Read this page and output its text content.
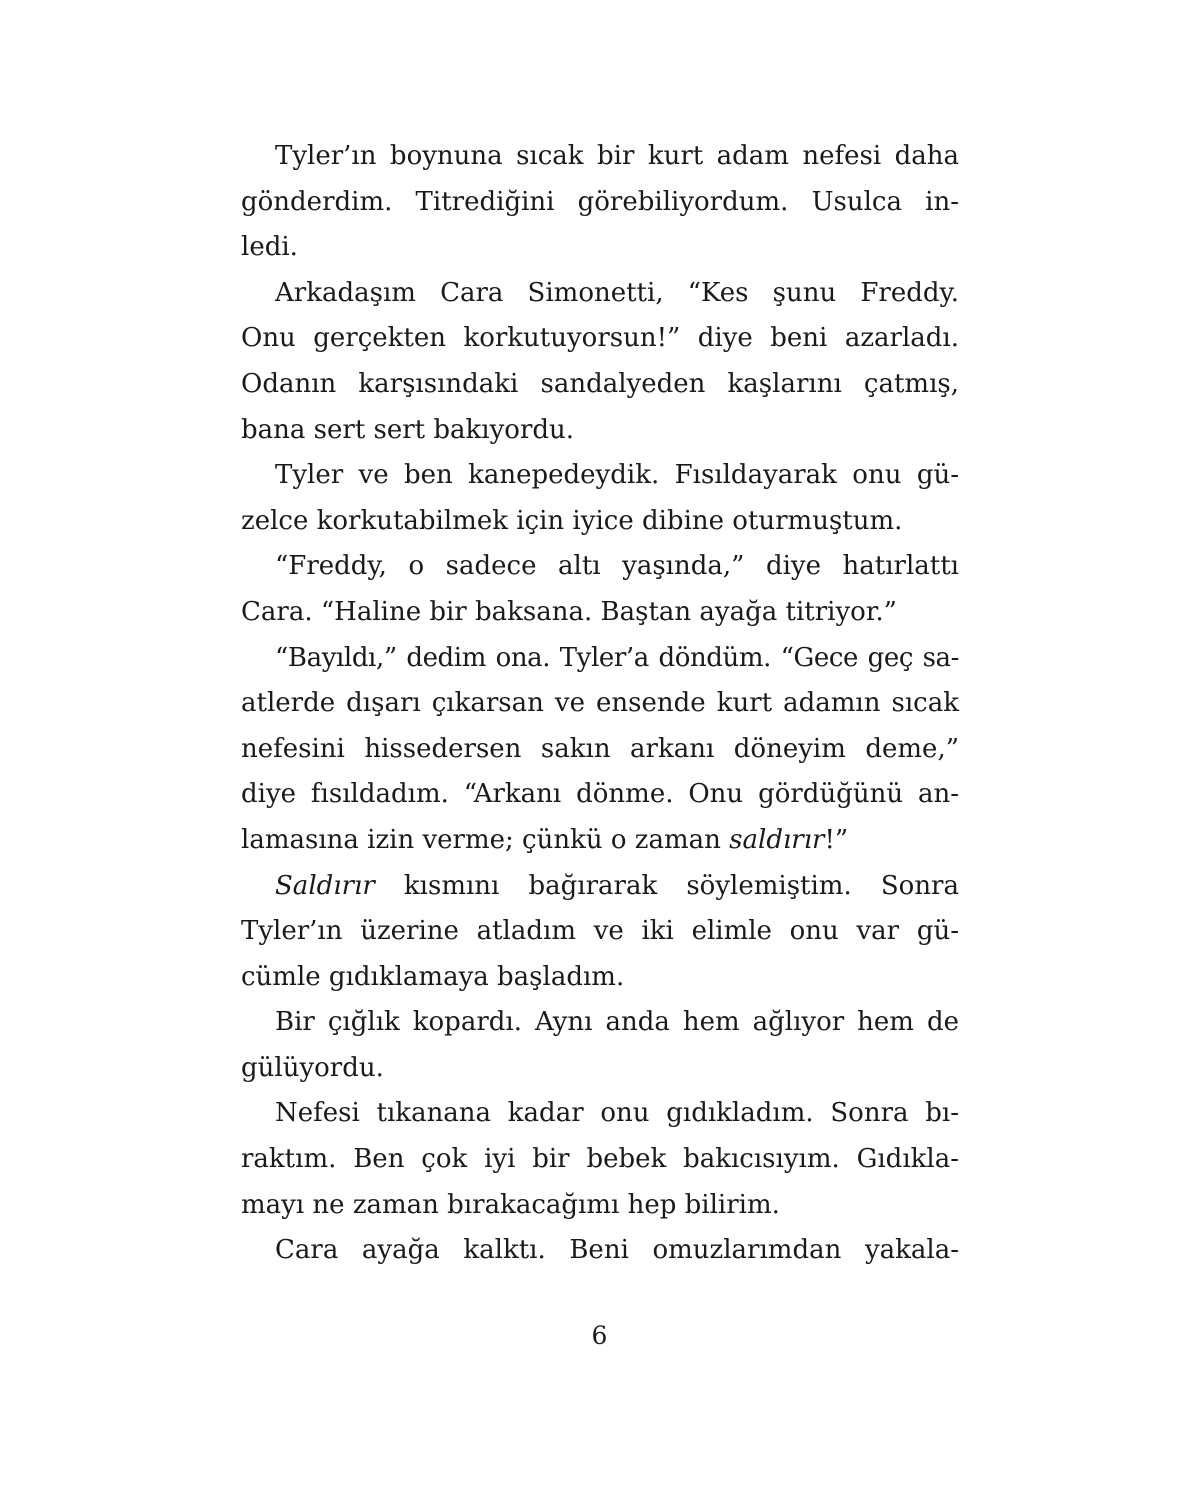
Tyler’ın boynuna sıcak bir kurt adam nefesi daha
gönderdim. Titrediğini görebiliyordum. Usulca in-
ledi.
Arkadaşım Cara Simonetti, “Kes şunu Freddy.
Onu gerçekten korkutuyorsun!” diye beni azarladı.
Odanın karşısındaki sandalyeden kaşlarını çatmış,
bana sert sert bakıyordu.
Tyler ve ben kanepedeydik. Fısıldayarak onu gü-
zelce korkutabilmek için iyice dibine oturmuştum.
“Freddy, o sadece altı yaşında,” diye hatırlattı
Cara. “Haline bir baksana. Baştan ayağa titriyor.”
“Bayıldı,” dedim ona. Tyler’a döndüm. “Gece geç sa-
atlerde dışarı çıkarsan ve ensende kurt adamın sıcak
nefesini hissedersen sakın arkanı döneyim deme,”
diye fısıldadım. “Arkanı dönme. Onu gördüğünü an-
lamasına izin verme; çünkü o zaman saldırır!”
Saldırır kısmını bağırarak söylemiştim. Sonra
Tyler’ın üzerine atladım ve iki elimle onu var gü-
cümle gıdıklamaya başladım.
Bir çığlık kopardı. Aynı anda hem ağlıyor hem de
gülüyordu.
Nefesi tıkanana kadar onu gıdıkladım. Sonra bı-
raktım. Ben çok iyi bir bebek bakıcısıyım. Gıdıkla-
mayı ne zaman bırakacağımı hep bilirim.
Cara ayağa kalktı. Beni omuzlarımdan yakala-
6
